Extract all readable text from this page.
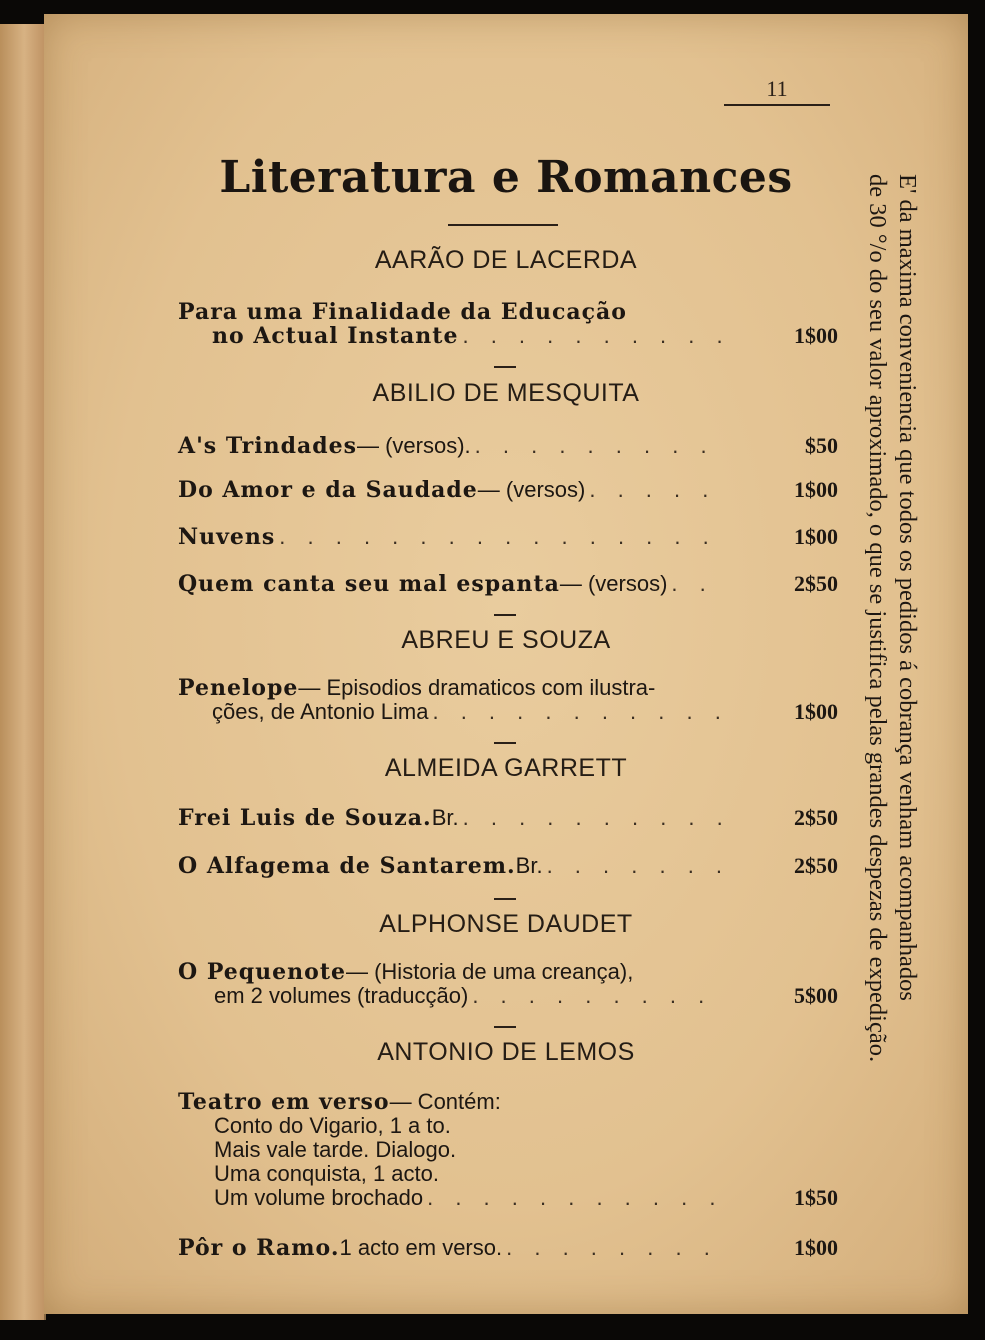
11
Literatura e Romances
AARÃO DE LACERDA
Para uma Finalidade da Educação
no Actual Instante . . .	1$00
ABILIO DE MESQUITA
A's Trindades — (versos). . . .	$50
Do Amor e da Saudade — (versos) . . .	1$00
Nuvens . . .	1$00
Quem canta seu mal espanta — (versos) . . .	2$50
ABREU E SOUZA
Penelope — Episodios dramaticos com ilustra-
ções, de Antonio Lima . . .	1$00
ALMEIDA GARRETT
Frei Luis de Souza. Br. . . .	2$50
O Alfagema de Santarem. Br. . . .	2$50
ALPHONSE DAUDET
O Pequenote — (Historia de uma creança),
em 2 volumes (traducção) . . .	5$00
ANTONIO DE LEMOS
Teatro em verso — Contém:
Conto do Vigario, 1 a to.
Mais vale tarde. Dialogo.
Uma conquista, 1 acto.
Um volume brochado . . .	1$50
Pôr o Ramo. 1 acto em verso. . . .	1$00
E' da maxima conveniencia que todos os pedidos á cobrança venham acompanhados
de 30 °/o do seu valor aproximado, o que se justifica pelas grandes despezas de expedição.
